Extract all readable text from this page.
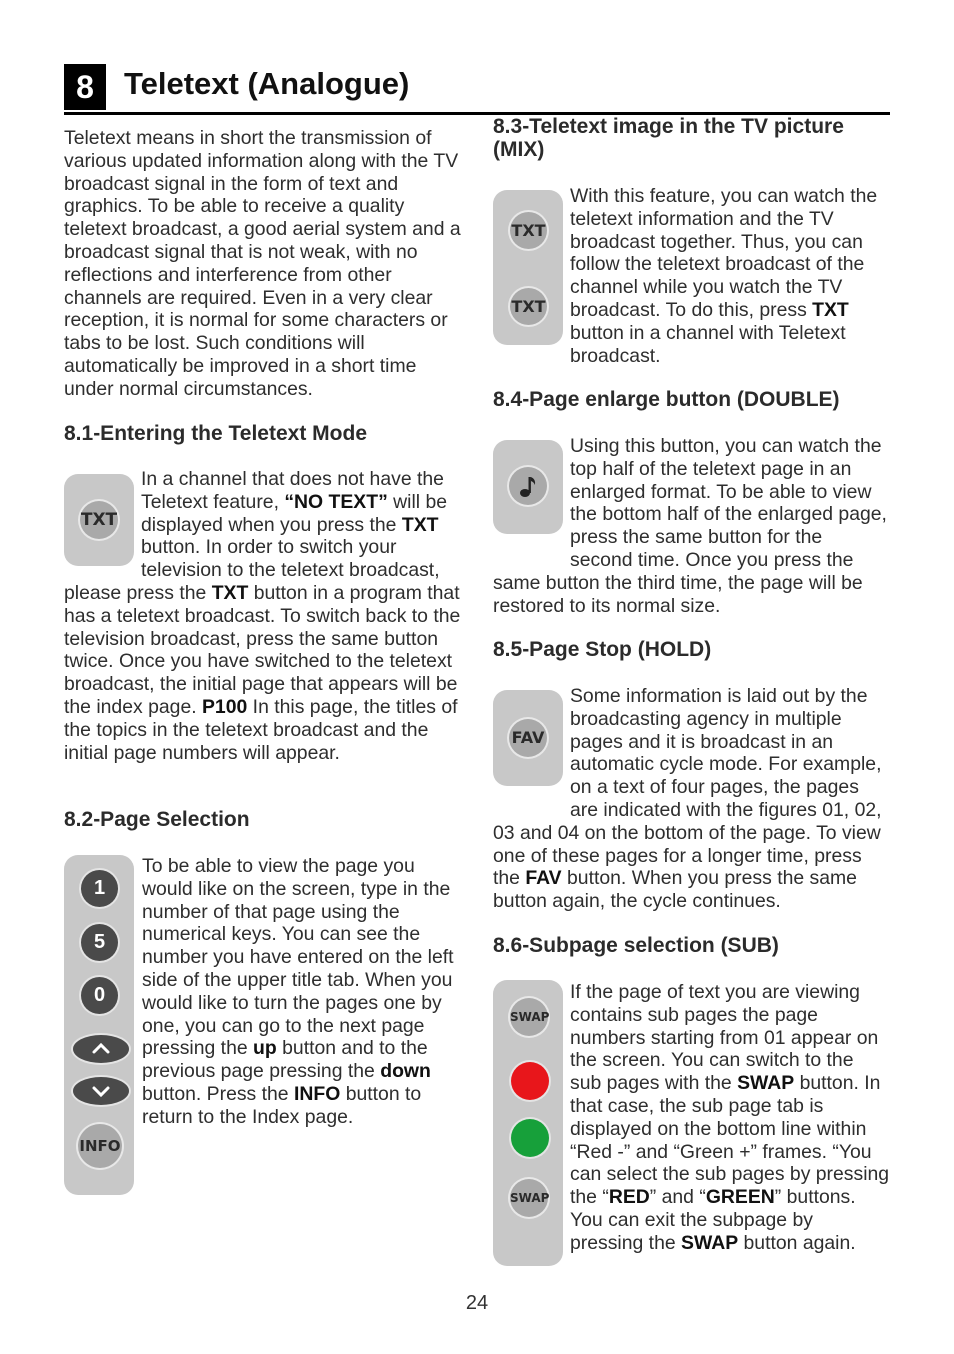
8 Teletext (Analogue)

Teletext means in short the transmission of various updated information along with the TV broadcast signal in the form of text and graphics. To be able to receive a quality teletext broadcast, a good aerial system and a broadcast signal that is not weak, with no reflections and interference from other channels are required. Even in a very clear reception, it is normal for some characters or tabs to be lost. Such conditions will automatically be improved in a short time under normal circumstances.

8.1-Entering the Teletext Mode
TXT
In a channel that does not have the Teletext feature, “NO TEXT” will be displayed when you press the TXT button. In order to switch your television to the teletext broadcast, please press the TXT button in a program that has a teletext broadcast. To switch back to the television broadcast, press the same button twice. Once you have switched to the teletext broadcast, the initial page that appears will be the index page. P100 In this page, the titles of the topics in the teletext broadcast and the initial page numbers will appear.
8.2-Page Selection
1
5
0
INFO

To be able to view the page you would like on the screen, type in the number of that page using the numerical keys. You can see the number you have entered on the left side of the upper title tab. When you would like to turn the pages one by one, you can go to the next page pressing the up button and to the previous page pressing the down button. Press the INFO button to return to the Index page.

8.3-Teletext image in the TV picture (MIX)
TXT
TXT

With this feature, you can watch the teletext information and the TV broadcast together. Thus, you can follow the teletext broadcast of the channel while you watch the TV broadcast. To do this, press TXT button in a channel with Teletext broadcast.

8.4-Page enlarge button (DOUBLE)
Using this button, you can watch the top half of the teletext page in an enlarged format. To be able to view the bottom half of the enlarged page, press the same button for the second time. Once you press the same button the third time, the page will be restored to its normal size.
8.5-Page Stop (HOLD)
FAV
Some information is laid out by the broadcasting agency in multiple pages and it is broadcast in an automatic cycle mode. For example, on a text of four pages, the pages are indicated with the figures 01, 02, 03 and 04 on the bottom of the page. To view one of these pages for a longer time, press the FAV button. When you press the same button again, the cycle continues.
8.6-Subpage selection (SUB)
SWAP
SWAP
If the page of text you are viewing contains sub pages the page numbers starting from 01 appear on the screen. You can switch to the sub pages with the SWAP button. In that case, the sub page tab is displayed on the bottom line within “Red -” and “Green +” frames. “You can select the sub pages by pressing the “RED” and “GREEN” buttons. You can exit the subpage by pressing the SWAP button again.
24
